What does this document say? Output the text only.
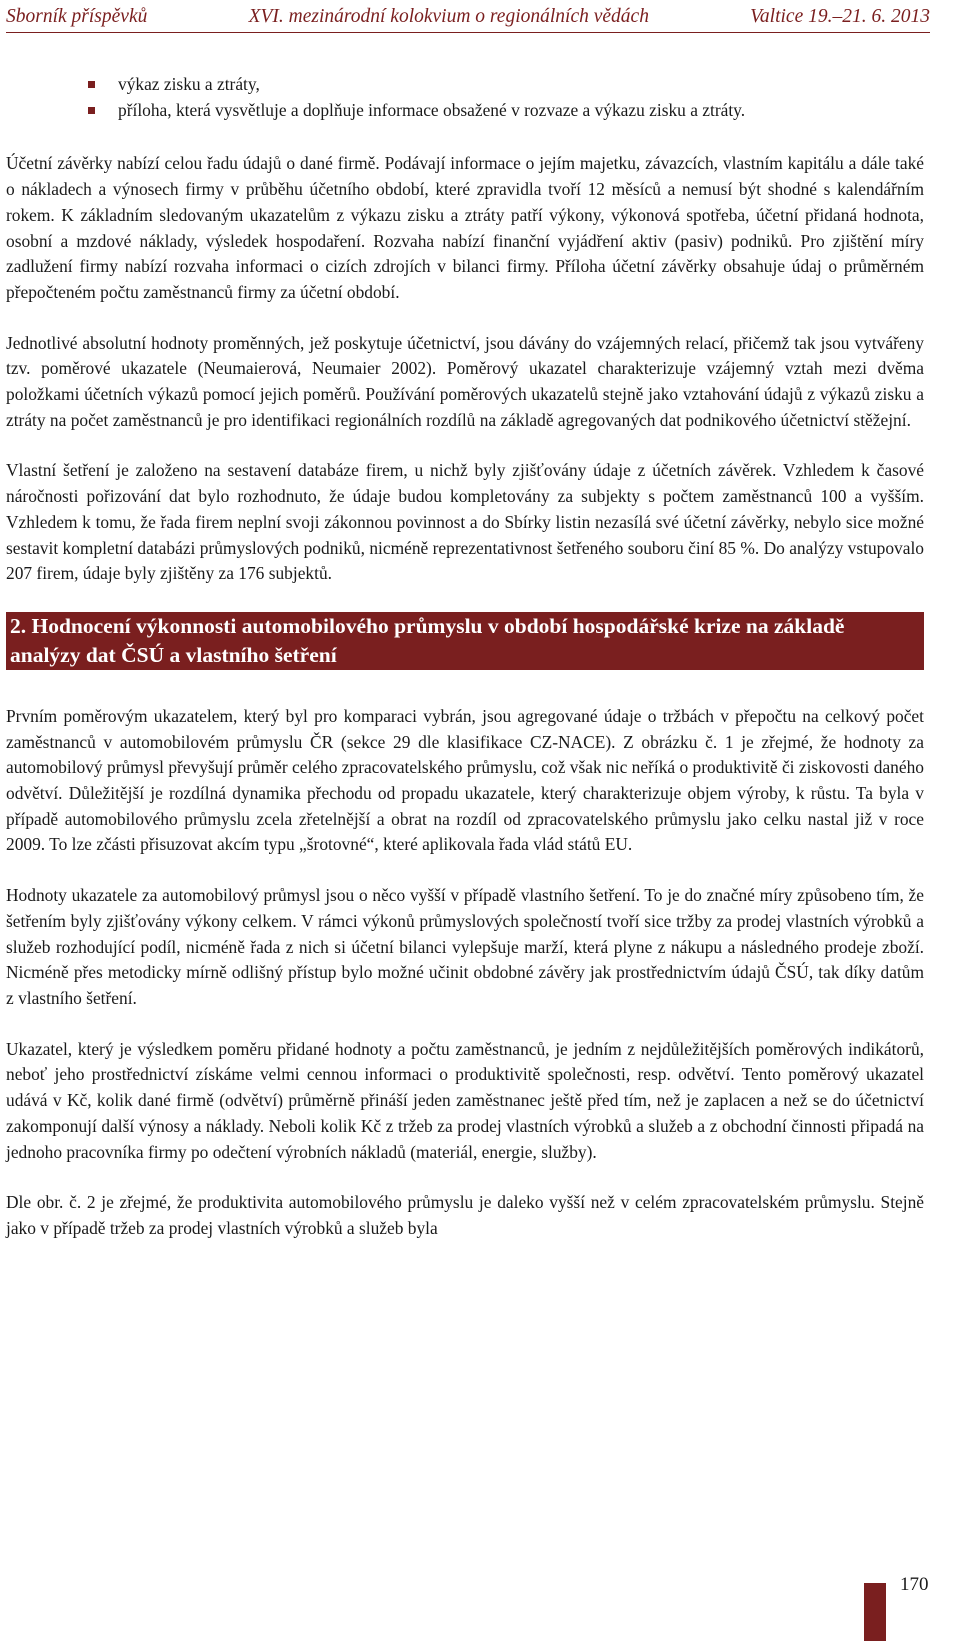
Sborník příspěvků	XVI. mezinárodní kolokvium o regionálních vědách	Valtice 19.–21. 6. 2013
výkaz zisku a ztráty,
příloha, která vysvětluje a doplňuje informace obsažené v rozvaze a výkazu zisku a ztráty.

Účetní závěrky nabízí celou řadu údajů o dané firmě. Podávají informace o jejím majetku, závazcích, vlastním kapitálu a dále také o nákladech a výnosech firmy v průběhu účetního období, které zpravidla tvoří 12 měsíců a nemusí být shodné s kalendářním rokem. K základním sledovaným ukazatelům z výkazu zisku a ztráty patří výkony, výkonová spotřeba, účetní přidaná hodnota, osobní a mzdové náklady, výsledek hospodaření. Rozvaha nabízí finanční vyjádření aktiv (pasiv) podniků. Pro zjištění míry zadlužení firmy nabízí rozvaha informaci o cizích zdrojích v bilanci firmy. Příloha účetní závěrky obsahuje údaj o průměrném přepočteném počtu zaměstnanců firmy za účetní období.

Jednotlivé absolutní hodnoty proměnných, jež poskytuje účetnictví, jsou dávány do vzájemných relací, přičemž tak jsou vytvářeny tzv. poměrové ukazatele (Neumaierová, Neumaier 2002). Poměrový ukazatel charakterizuje vzájemný vztah mezi dvěma položkami účetních výkazů pomocí jejich poměrů. Používání poměrových ukazatelů stejně jako vztahování údajů z výkazů zisku a ztráty na počet zaměstnanců je pro identifikaci regionálních rozdílů na základě agregovaných dat podnikového účetnictví stěžejní.

Vlastní šetření je založeno na sestavení databáze firem, u nichž byly zjišťovány údaje z účetních závěrek. Vzhledem k časové náročnosti pořizování dat bylo rozhodnuto, že údaje budou kompletovány za subjekty s počtem zaměstnanců 100 a vyšším. Vzhledem k tomu, že řada firem neplní svoji zákonnou povinnost a do Sbírky listin nezasílá své účetní závěrky, nebylo sice možné sestavit kompletní databázi průmyslových podniků, nicméně reprezentativnost šetřeného souboru činí 85 %. Do analýzy vstupovalo 207 firem, údaje byly zjištěny za 176 subjektů.

2. Hodnocení výkonnosti automobilového průmyslu v období hospodářské krize na základě analýzy dat ČSÚ a vlastního šetření

Prvním poměrovým ukazatelem, který byl pro komparaci vybrán, jsou agregované údaje o tržbách v přepočtu na celkový počet zaměstnanců v automobilovém průmyslu ČR (sekce 29 dle klasifikace CZ-NACE). Z obrázku č. 1 je zřejmé, že hodnoty za automobilový průmysl převyšují průměr celého zpracovatelského průmyslu, což však nic neříká o produktivitě či ziskovosti daného odvětví. Důležitější je rozdílná dynamika přechodu od propadu ukazatele, který charakterizuje objem výroby, k růstu. Ta byla v případě automobilového průmyslu zcela zřetelnější a obrat na rozdíl od zpracovatelského průmyslu jako celku nastal již v roce 2009. To lze zčásti přisuzovat akcím typu „šrotovné“, které aplikovala řada vlád států EU.

Hodnoty ukazatele za automobilový průmysl jsou o něco vyšší v případě vlastního šetření. To je do značné míry způsobeno tím, že šetřením byly zjišťovány výkony celkem. V rámci výkonů průmyslových společností tvoří sice tržby za prodej vlastních výrobků a služeb rozhodující podíl, nicméně řada z nich si účetní bilanci vylepšuje marží, která plyne z nákupu a následného prodeje zboží. Nicméně přes metodicky mírně odlišný přístup bylo možné učinit obdobné závěry jak prostřednictvím údajů ČSÚ, tak díky datům z vlastního šetření.

Ukazatel, který je výsledkem poměru přidané hodnoty a počtu zaměstnanců, je jedním z nejdůležitějších poměrových indikátorů, neboť jeho prostřednictví získáme velmi cennou informaci o produktivitě společnosti, resp. odvětví. Tento poměrový ukazatel udává v Kč, kolik dané firmě (odvětví) průměrně přináší jeden zaměstnanec ještě před tím, než je zaplacen a než se do účetnictví zakomponují další výnosy a náklady. Neboli kolik Kč z tržeb za prodej vlastních výrobků a služeb a z obchodní činnosti připadá na jednoho pracovníka firmy po odečtení výrobních nákladů (materiál, energie, služby).

Dle obr. č. 2 je zřejmé, že produktivita automobilového průmyslu je daleko vyšší než v celém zpracovatelském průmyslu. Stejně jako v případě tržeb za prodej vlastních výrobků a služeb byla

170
